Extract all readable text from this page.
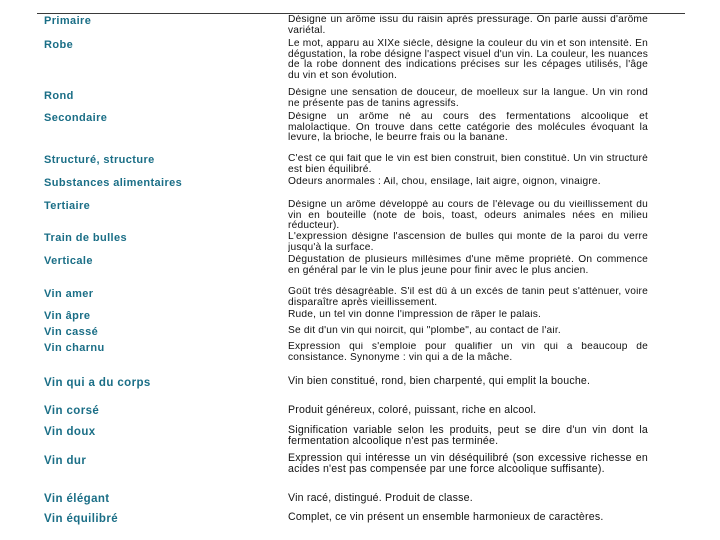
Primaire	Désigne un arôme issu du raisin après pressurage. On parle aussi d'arôme variétal.
Robe	Le mot, apparu au XIXe siècle, désigne la couleur du vin et son intensité. En dégustation, la robe désigne l'aspect visuel d'un vin. La couleur, les nuances de la robe donnent des indications précises sur les cépages utilisés, l'âge du vin et son évolution.
Rond	Désigne une sensation de douceur, de moelleux sur la langue. Un vin rond ne présente pas de tanins agressifs.
Secondaire	Désigne un arôme né au cours des fermentations alcoolique et malolactique. On trouve dans cette catégorie des molécules évoquant la levure, la brioche, le beurre frais ou la banane.
Structuré, structure	C'est ce qui fait que le vin est bien construit, bien constitué. Un vin structuré est bien équilibré.
Substances alimentaires	Odeurs anormales : Ail, chou, ensilage, lait aigre, oignon, vinaigre.
Tertiaire	Désigne un arôme développé au cours de l'élevage ou du vieillissement du vin en bouteille (note de bois, toast, odeurs animales nées en milieu réducteur).
Train de bulles	L'expression désigne l'ascension de bulles qui monte de la paroi du verre jusqu'à la surface.
Verticale	Dégustation de plusieurs millésimes d'une même propriété. On commence en général par le vin le plus jeune pour finir avec le plus ancien.
Vin amer	Goût très désagréable. S'il est dû à un excès de tanin peut s'atténuer, voire disparaître après vieillissement.
Vin âpre	Rude, un tel vin donne l'impression de râper le palais.
Vin cassé	Se dit d'un vin qui noircit, qui "plombe", au contact de l'air.
Vin charnu	Expression qui s'emploie pour qualifier un vin qui a beaucoup de consistance. Synonyme : vin qui a de la mâche.
Vin qui a du corps	Vin bien constitué, rond, bien charpenté, qui emplit la bouche.
Vin corsé	Produit généreux, coloré, puissant, riche en alcool.
Vin doux	Signification variable selon les produits, peut se dire d'un vin dont la fermentation alcoolique n'est pas terminée.
Vin dur	Expression qui intéresse un vin déséquilibré (son excessive richesse en acides n'est pas compensée par une force alcoolique suffisante).
Vin élégant	Vin racé, distingué. Produit de classe.
Vin équilibré	Complet, ce vin présent un ensemble harmonieux de caractères.
